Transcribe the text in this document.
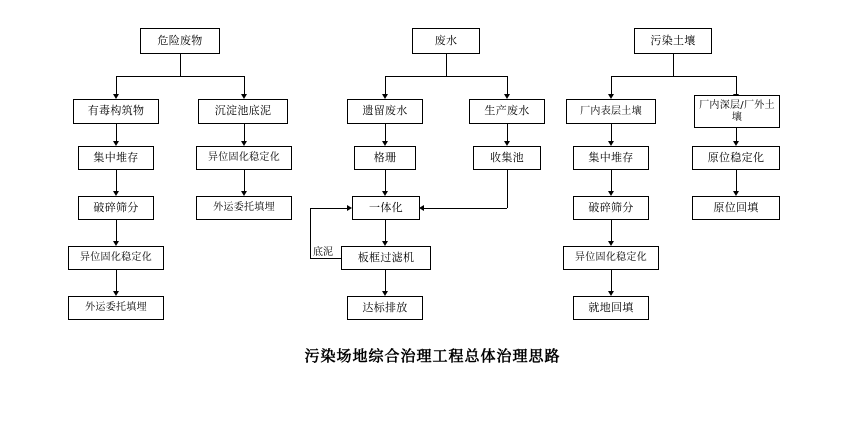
危险废物
有毒构筑物
集中堆存
破碎筛分
异位固化稳定化
外运委托填埋
沉淀池底泥
异位固化稳定化
外运委托填埋
废水
遗留废水
格珊
生产废水
收集池
一体化
板框过滤机
达标排放
底泥
污染土壤
厂内表层土壤
集中堆存
破碎筛分
异位固化稳定化
就地回填
厂内深层/厂外土壤
原位稳定化
原位回填
污染场地综合治理工程总体治理思路
